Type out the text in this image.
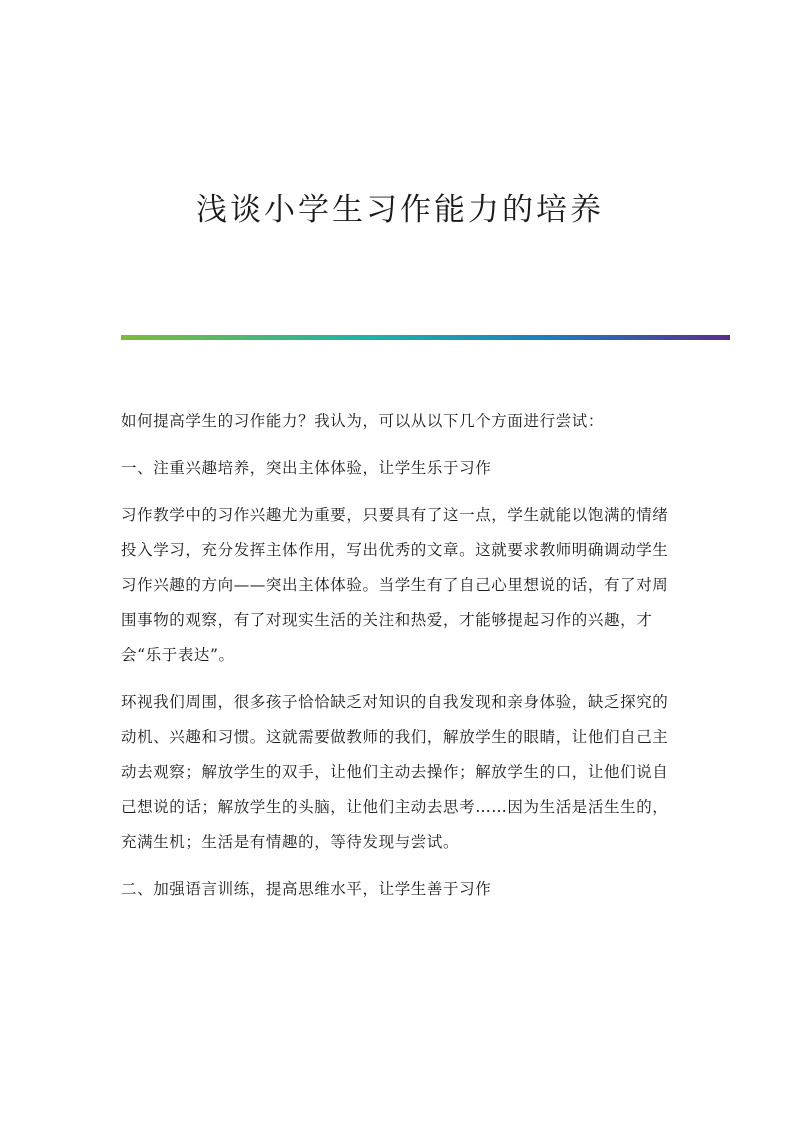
浅谈小学生习作能力的培养

如何提高学生的习作能力？我认为，可以从以下几个方面进行尝试：

一、注重兴趣培养，突出主体体验，让学生乐于习作

习作教学中的习作兴趣尤为重要，只要具有了这一点，学生就能以饱满的情绪投入学习，充分发挥主体作用，写出优秀的文章。这就要求教师明确调动学生习作兴趣的方向——突出主体体验。当学生有了自己心里想说的话，有了对周围事物的观察，有了对现实生活的关注和热爱，才能够提起习作的兴趣，才会“乐于表达”。

环视我们周围，很多孩子恰恰缺乏对知识的自我发现和亲身体验，缺乏探究的动机、兴趣和习惯。这就需要做教师的我们，解放学生的眼睛，让他们自己主动去观察；解放学生的双手，让他们主动去操作；解放学生的口，让他们说自己想说的话；解放学生的头脑，让他们主动去思考……因为生活是活生生的，充满生机；生活是有情趣的，等待发现与尝试。

二、加强语言训练，提高思维水平，让学生善于习作
